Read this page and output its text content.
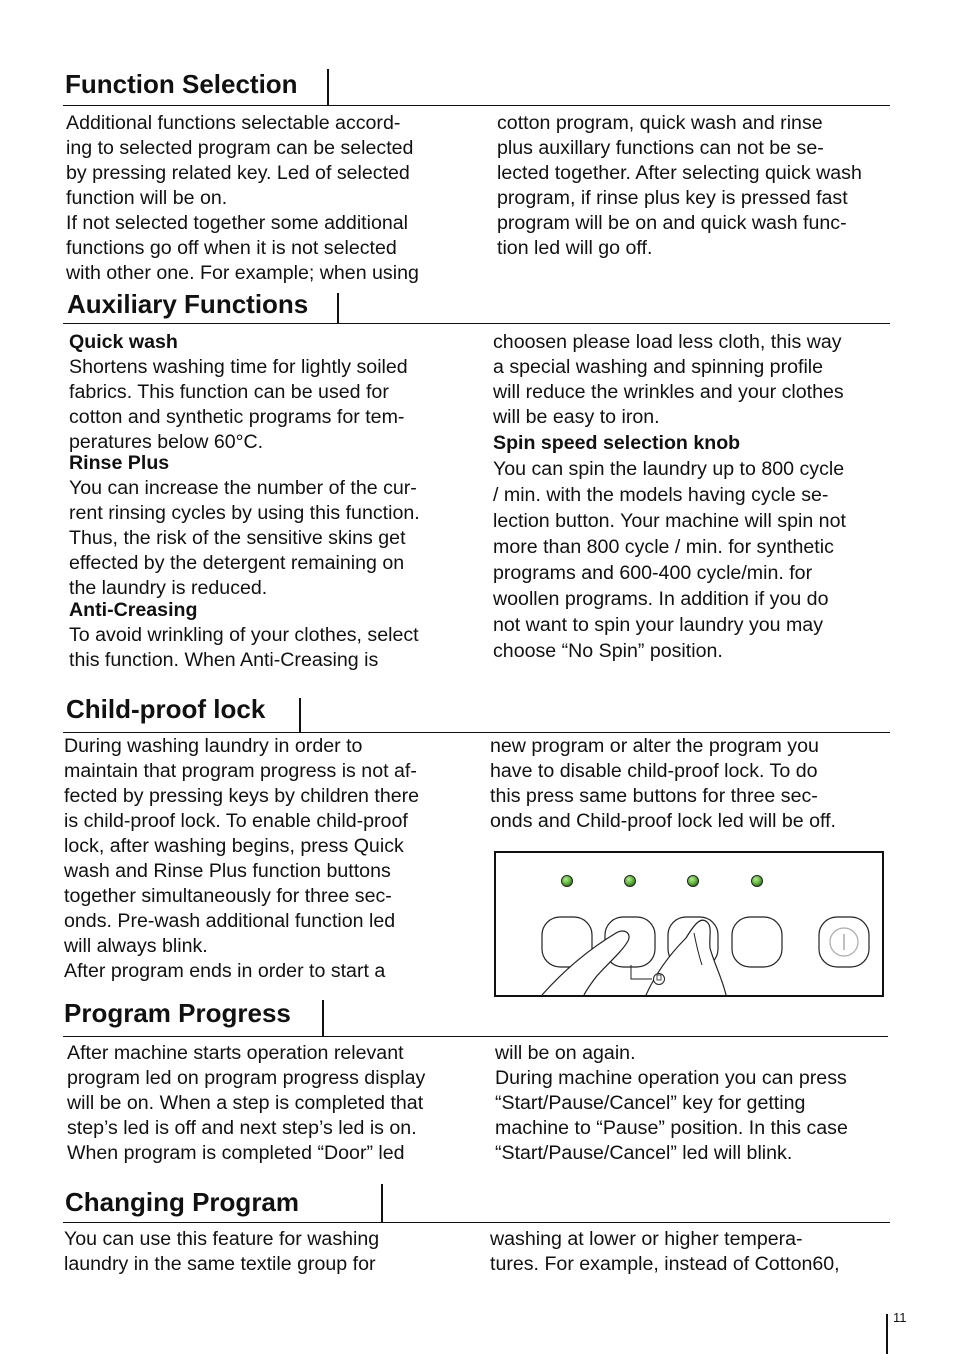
Function Selection

Additional functions selectable accord-

ing to selected program can be selected

by pressing related key. Led of selected

function will be on.

If not selected together some additional

functions go off when it is not selected

with other one. For example; when using

cotton program, quick wash and rinse

plus auxillary functions can not be se-

lected together. After selecting quick wash

program, if rinse plus key is pressed fast

program will be on and quick wash func-

tion led will go off.

Auxiliary Functions

Quick wash

Shortens washing time for lightly soiled

fabrics. This function can be used for

cotton and synthetic programs for tem-

peratures below 60°C.

Rinse Plus

You can increase the number of the cur-

rent rinsing cycles by using this function.

Thus, the risk of the sensitive skins get

effected by the detergent remaining on

the laundry is reduced.

Anti-Creasing

To avoid wrinkling of your clothes, select

this function. When Anti-Creasing is

choosen please load less cloth, this way

a special washing and spinning profile

will reduce the wrinkles and your clothes

will be easy to iron.

Spin speed selection knob

You can spin the laundry up to 800 cycle

/ min. with the models having cycle se-

lection button. Your machine will spin not

more than 800 cycle / min. for synthetic

programs and 600-400 cycle/min. for

woollen programs. In addition if you do

not want to spin your laundry you may

choose “No Spin” position.

Child-proof lock

During washing laundry in order to

maintain that program progress is not af-

fected by pressing keys by children there

is child-proof lock. To enable child-proof

lock, after washing begins, press Quick

wash and Rinse Plus function buttons

together simultaneously for three sec-

onds. Pre-wash additional function led

will always blink.

After program ends in order to start a

new program or alter the program you

have to disable child-proof lock. To do

this press same buttons for three sec-

onds and Child-proof lock led will be off.

Program Progress

After machine starts operation relevant

program led on program progress display

will be on. When a step is completed that

step’s led is off and next step’s led is on.

When program is completed “Door” led

will be on again.

During machine operation you can press

“Start/Pause/Cancel” key for getting

machine to “Pause” position. In this case

“Start/Pause/Cancel” led will blink.

Changing Program

You can use this feature for washing

laundry in the same textile group for

washing at lower or higher tempera-

tures. For example, instead of Cotton60,

11
